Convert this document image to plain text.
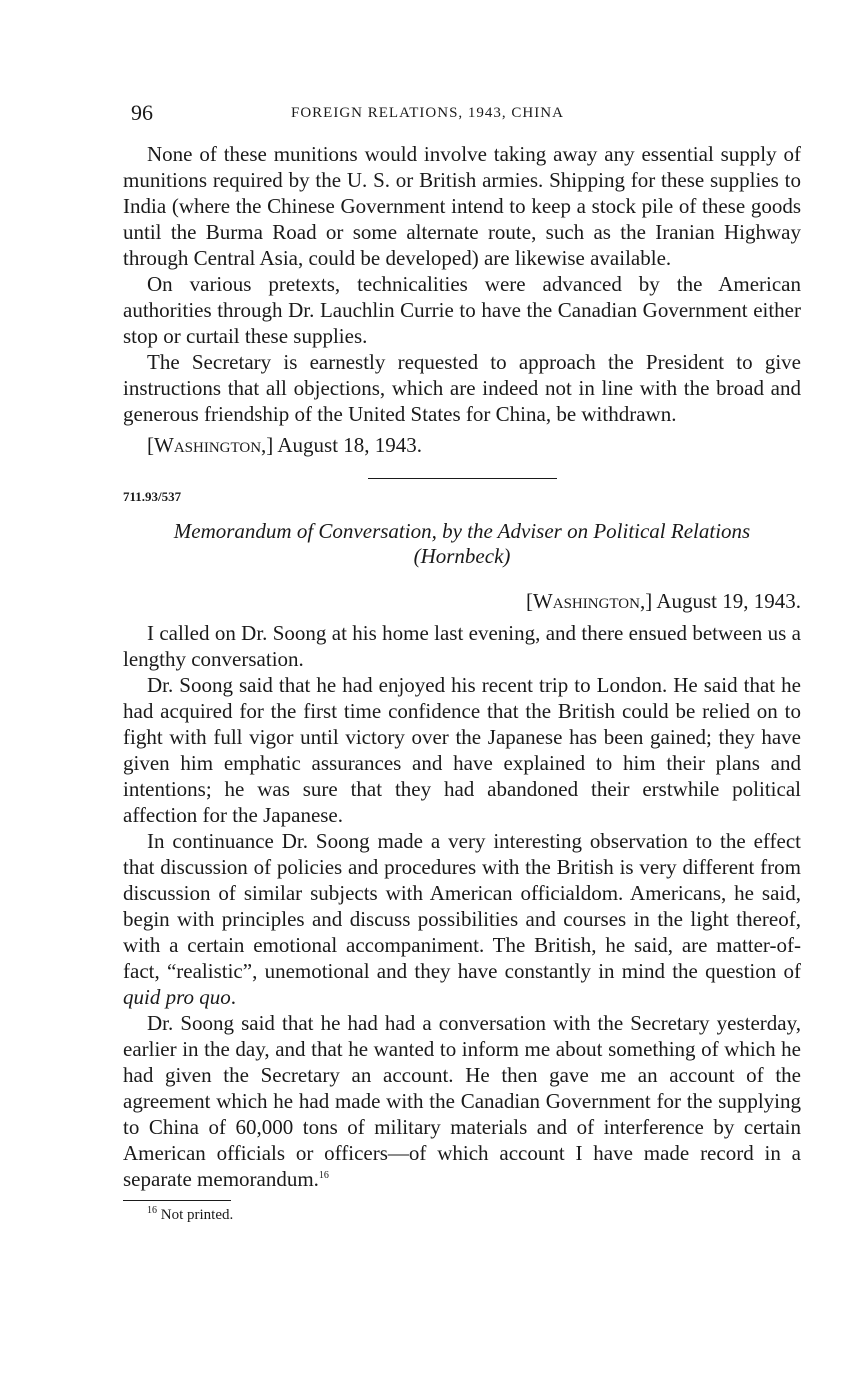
96	FOREIGN RELATIONS, 1943, CHINA

None of these munitions would involve taking away any essential supply of munitions required by the U. S. or British armies. Shipping for these supplies to India (where the Chinese Government intend to keep a stock pile of these goods until the Burma Road or some alternate route, such as the Iranian Highway through Central Asia, could be developed) are likewise available.

On various pretexts, technicalities were advanced by the American authorities through Dr. Lauchlin Currie to have the Canadian Government either stop or curtail these supplies.

The Secretary is earnestly requested to approach the President to give instructions that all objections, which are indeed not in line with the broad and generous friendship of the United States for China, be withdrawn.

[Washington,] August 18, 1943.
711.93/537
Memorandum of Conversation, by the Adviser on Political Relations
(Hornbeck)
[Washington,] August 19, 1943.

I called on Dr. Soong at his home last evening, and there ensued between us a lengthy conversation.

Dr. Soong said that he had enjoyed his recent trip to London. He said that he had acquired for the first time confidence that the British could be relied on to fight with full vigor until victory over the Japanese has been gained; they have given him emphatic assurances and have explained to him their plans and intentions; he was sure that they had abandoned their erstwhile political affection for the Japanese.

In continuance Dr. Soong made a very interesting observation to the effect that discussion of policies and procedures with the British is very different from discussion of similar subjects with American officialdom. Americans, he said, begin with principles and discuss possibilities and courses in the light thereof, with a certain emotional accompaniment. The British, he said, are matter-of-fact, “realistic”, unemotional and they have constantly in mind the question of quid pro quo.

Dr. Soong said that he had had a conversation with the Secretary yesterday, earlier in the day, and that he wanted to inform me about something of which he had given the Secretary an account. He then gave me an account of the agreement which he had made with the Canadian Government for the supplying to China of 60,000 tons of military materials and of interference by certain American officials or officers—of which account I have made record in a separate memorandum.$^{16}$

$^{16}$ Not printed.
